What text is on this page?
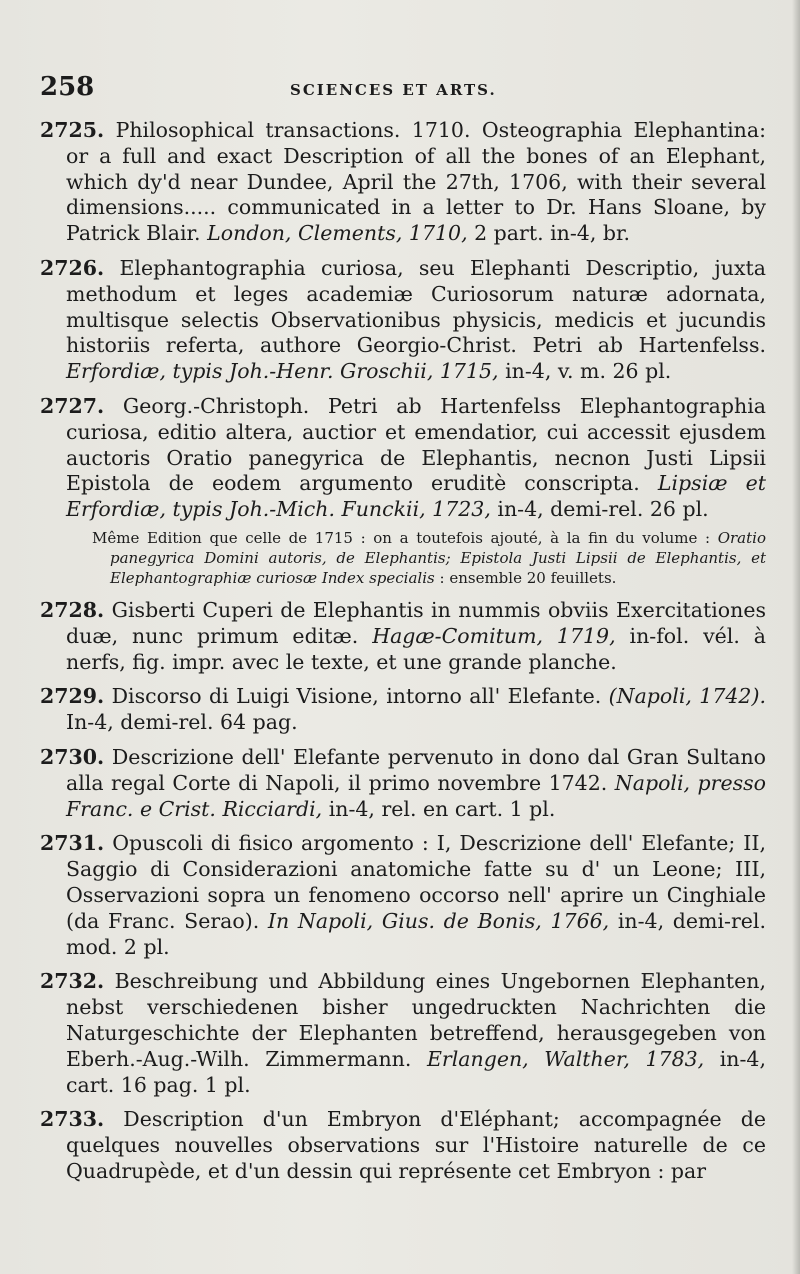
258	SCIENCES ET ARTS.
2725. Philosophical transactions. 1710. Osteographia Elephantina: or a full and exact Description of all the bones of an Elephant, which dy'd near Dundee, April the 27th, 1706, with their several dimensions..... communicated in a letter to Dr. Hans Sloane, by Patrick Blair. London, Clements, 1710, 2 part. in-4, br.
2726. Elephantographia curiosa, seu Elephanti Descriptio, juxta methodum et leges academiæ Curiosorum naturæ adornata, multisque selectis Observationibus physicis, medicis et jucundis historiis referta, authore Georgio-Christ. Petri ab Hartenfelss. Erfordiæ, typis Joh.-Henr. Groschii, 1715, in-4, v. m. 26 pl.
2727. Georg.-Christoph. Petri ab Hartenfelss Elephantographia curiosa, editio altera, auctior et emendatior, cui accessit ejusdem auctoris Oratio panegyrica de Elephantis, necnon Justi Lipsii Epistola de eodem argumento eruditè conscripta. Lipsiæ et Erfordiæ, typis Joh.-Mich. Funckii, 1723, in-4, demi-rel. 26 pl.
Même Edition que celle de 1715 : on a toutefois ajouté, à la fin du volume : Oratio panegyrica Domini autoris, de Elephantis; Epistola Justi Lipsii de Elephantis, et Elephantographiæ curiosæ Index specialis : ensemble 20 feuillets.
2728. Gisberti Cuperi de Elephantis in nummis obviis Exercitationes duæ, nunc primum editæ. Hagæ-Comitum, 1719, in-fol. vél. à nerfs, fig. impr. avec le texte, et une grande planche.
2729. Discorso di Luigi Visione, intorno all' Elefante. (Napoli, 1742). In-4, demi-rel. 64 pag.
2730. Descrizione dell' Elefante pervenuto in dono dal Gran Sultano alla regal Corte di Napoli, il primo novembre 1742. Napoli, presso Franc. e Crist. Ricciardi, in-4, rel. en cart. 1 pl.
2731. Opuscoli di fisico argomento : I, Descrizione dell' Elefante; II, Saggio di Considerazioni anatomiche fatte su d' un Leone; III, Osservazioni sopra un fenomeno occorso nell' aprire un Cinghiale (da Franc. Serao). In Napoli, Gius. de Bonis, 1766, in-4, demi-rel. mod. 2 pl.
2732. Beschreibung und Abbildung eines Ungebornen Elephanten, nebst verschiedenen bisher ungedruckten Nachrichten die Naturgeschichte der Elephanten betreffend, herausgegeben von Eberh.-Aug.-Wilh. Zimmermann. Erlangen, Walther, 1783, in-4, cart. 16 pag. 1 pl.
2733. Description d'un Embryon d'Eléphant; accompagnée de quelques nouvelles observations sur l'Histoire naturelle de ce Quadrupède, et d'un dessin qui représente cet Embryon : par
